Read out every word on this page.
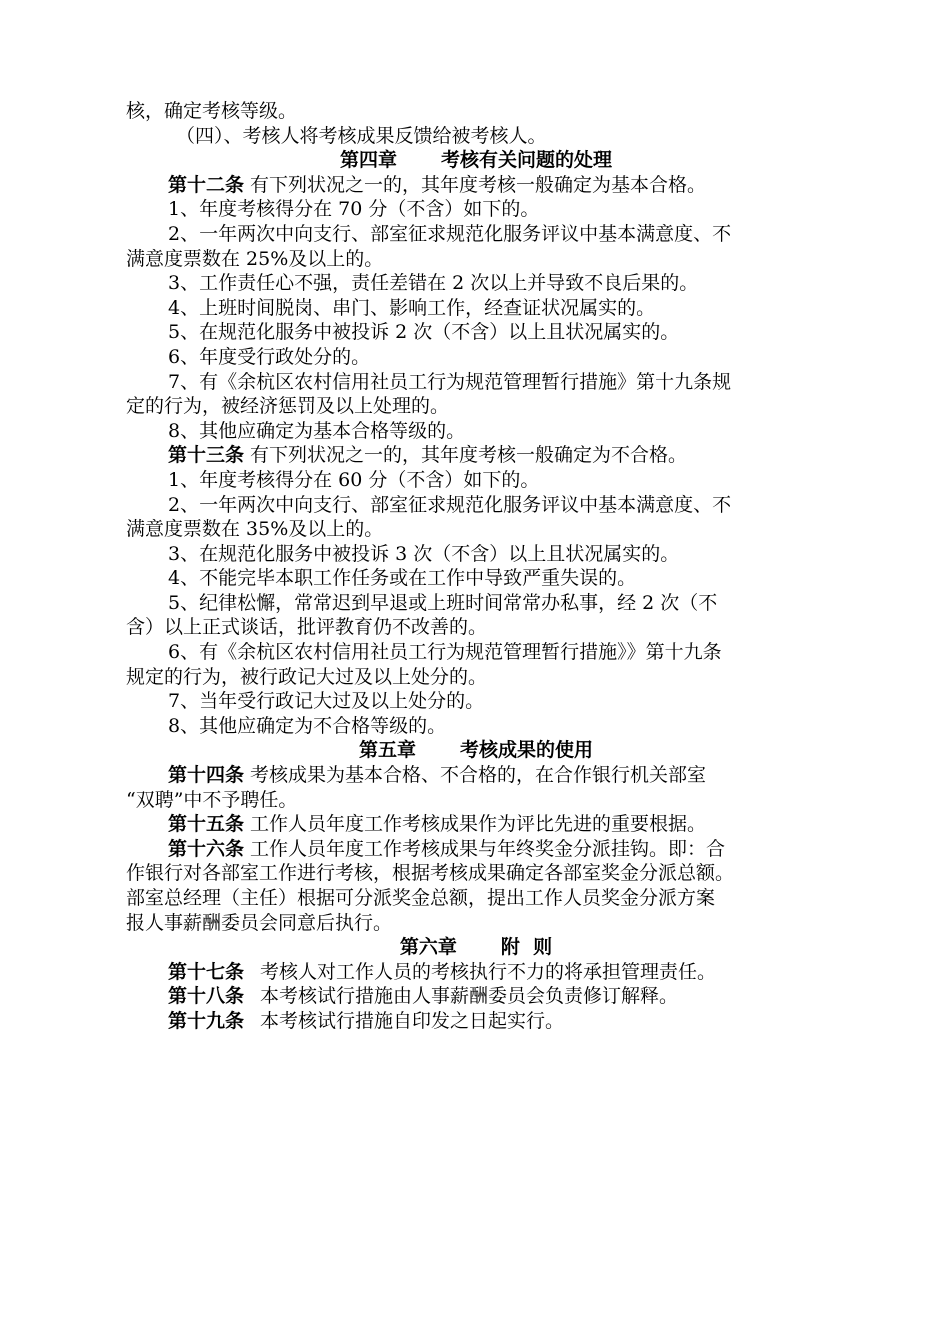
核，确定考核等级。
（四）、考核人将考核成果反馈给被考核人。
第四章 考核有关问题的处理
第十二条 有下列状况之一的，其年度考核一般确定为基本合格。
1、年度考核得分在 70 分（不含）如下的。
2、一年两次中向支行、部室征求规范化服务评议中基本满意度、不
满意度票数在 25%及以上的。
3、工作责任心不强，责任差错在 2 次以上并导致不良后果的。
4、上班时间脱岗、串门、影响工作，经查证状况属实的。
5、在规范化服务中被投诉 2 次（不含）以上且状况属实的。
6、年度受行政处分的。
7、有《余杭区农村信用社员工行为规范管理暂行措施》第十九条规
定的行为，被经济惩罚及以上处理的。
8、其他应确定为基本合格等级的。
第十三条 有下列状况之一的，其年度考核一般确定为不合格。
1、年度考核得分在 60 分（不含）如下的。
2、一年两次中向支行、部室征求规范化服务评议中基本满意度、不
满意度票数在 35%及以上的。
3、在规范化服务中被投诉 3 次（不含）以上且状况属实的。
4、不能完毕本职工作任务或在工作中导致严重失误的。
5、纪律松懈，常常迟到早退或上班时间常常办私事，经 2 次（不
含）以上正式谈话，批评教育仍不改善的。
6、有《余杭区农村信用社员工行为规范管理暂行措施》》第十九条
规定的行为，被行政记大过及以上处分的。
7、当年受行政记大过及以上处分的。
8、其他应确定为不合格等级的。
第五章 考核成果的使用
第十四条 考核成果为基本合格、不合格的，在合作银行机关部室
“双聘”中不予聘任。
第十五条 工作人员年度工作考核成果作为评比先进的重要根据。
第十六条 工作人员年度工作考核成果与年终奖金分派挂钩。即：合
作银行对各部室工作进行考核，根据考核成果确定各部室奖金分派总额。
部室总经理（主任）根据可分派奖金总额，提出工作人员奖金分派方案
报人事薪酬委员会同意后执行。
第六章 附  则
第十七条 考核人对工作人员的考核执行不力的将承担管理责任。
第十八条 本考核试行措施由人事薪酬委员会负责修订解释。
第十九条 本考核试行措施自印发之日起实行。
